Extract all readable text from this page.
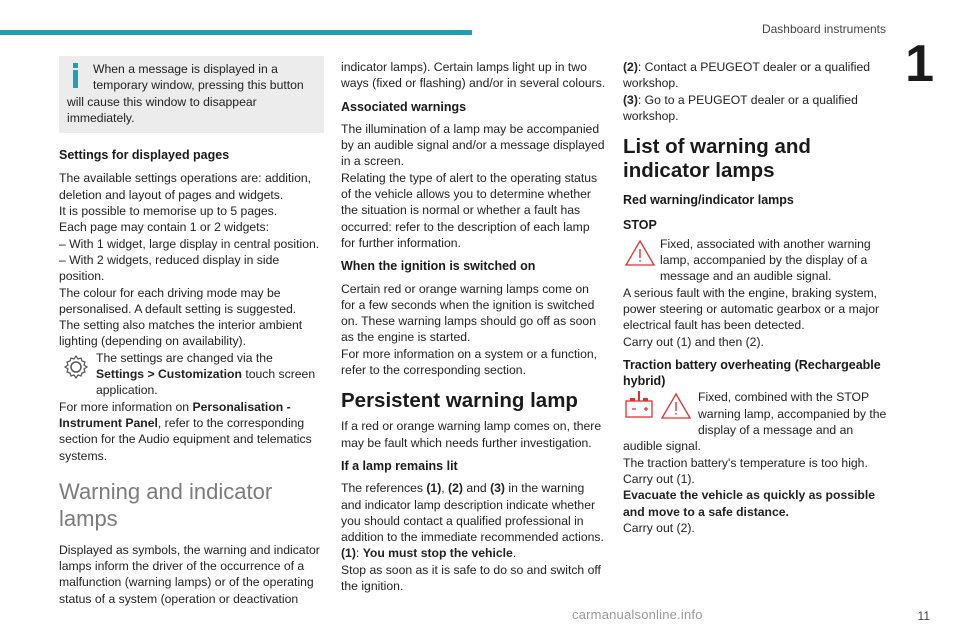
Dashboard instruments
1

When a message is displayed in a temporary window, pressing this button will cause this window to disappear immediately.

Settings for displayed pages

The available settings operations are: addition, deletion and layout of pages and widgets.

It is possible to memorise up to 5 pages.

Each page may contain 1 or 2 widgets:

– With 1 widget, large display in central position.

– With 2 widgets, reduced display in side position.

The colour for each driving mode may be personalised. A default setting is suggested.

The setting also matches the interior ambient lighting (depending on availability).

The settings are changed via the Settings > Customization touch screen application.

For more information on Personalisation - Instrument Panel, refer to the corresponding section for the Audio equipment and telematics systems.

Warning and indicator lamps

Displayed as symbols, the warning and indicator lamps inform the driver of the occurrence of a malfunction (warning lamps) or of the operating status of a system (operation or deactivation

indicator lamps). Certain lamps light up in two ways (fixed or flashing) and/or in several colours.

Associated warnings

The illumination of a lamp may be accompanied by an audible signal and/or a message displayed in a screen.

Relating the type of alert to the operating status of the vehicle allows you to determine whether the situation is normal or whether a fault has occurred: refer to the description of each lamp for further information.

When the ignition is switched on

Certain red or orange warning lamps come on for a few seconds when the ignition is switched on. These warning lamps should go off as soon as the engine is started.

For more information on a system or a function, refer to the corresponding section.

Persistent warning lamp

If a red or orange warning lamp comes on, there may be fault which needs further investigation.

If a lamp remains lit

The references (1), (2) and (3) in the warning and indicator lamp description indicate whether you should contact a qualified professional in addition to the immediate recommended actions.

(1): You must stop the vehicle.

Stop as soon as it is safe to do so and switch off the ignition.

(2): Contact a PEUGEOT dealer or a qualified workshop.

(3): Go to a PEUGEOT dealer or a qualified workshop.

List of warning and indicator lamps
Red warning/indicator lamps
STOP

Fixed, associated with another warning lamp, accompanied by the display of a message and an audible signal.

A serious fault with the engine, braking system, power steering or automatic gearbox or a major electrical fault has been detected.

Carry out (1) and then (2).

Traction battery overheating (Rechargeable hybrid)

Fixed, combined with the STOP warning lamp, accompanied by the display of a message and an audible signal.

The traction battery's temperature is too high.

Carry out (1).

Evacuate the vehicle as quickly as possible and move to a safe distance.

Carry out (2).

carmanualsonline.info	11
